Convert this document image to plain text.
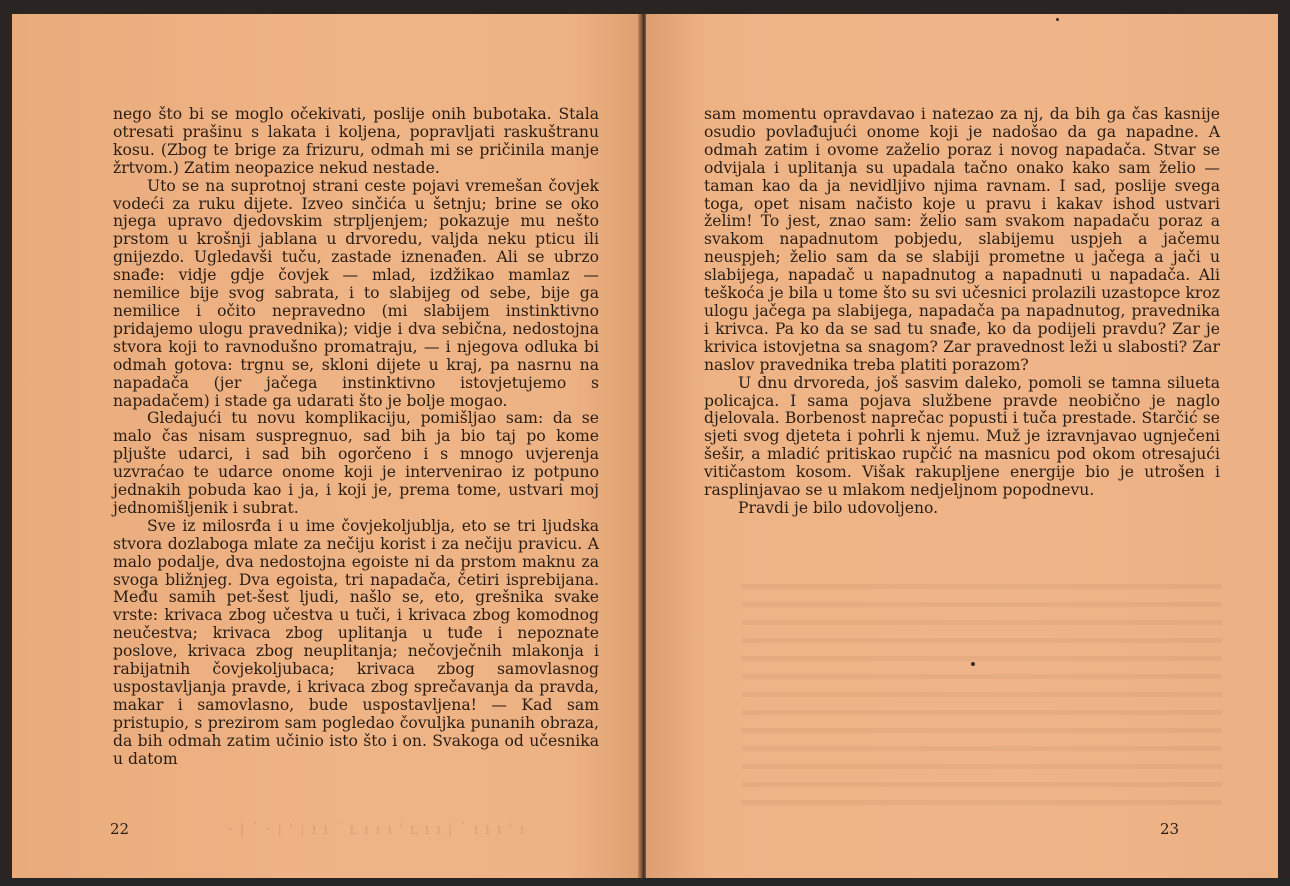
nego što bi se moglo očekivati, poslije onih bubotaka. Stala otresati prašinu s lakata i koljena, popravljati raskuštranu kosu. (Zbog te brige za frizuru, odmah mi se pričinila manje žrtvom.) Zatim neopazice nekud nestade.

Uto se na suprotnoj strani ceste pojavi vremešan čovjek vodeći za ruku dijete. Izveo sinčića u šetnju; brine se oko njega upravo djedovskim strpljenjem; pokazuje mu nešto prstom u krošnji jablana u drvoredu, valjda neku pticu ili gnijezdo. Ugledavši tuču, zastade iznenađen. Ali se ubrzo snađe: vidje gdje čovjek — mlad, izdžikao mamlaz — nemilice bije svog sabrata, i to slabijeg od sebe, bije ga nemilice i očito nepravedno (mi slabijem instinktivno pridajemo ulogu pravednika); vidje i dva sebična, nedostojna stvora koji to ravnodušno promatraju, — i njegova odluka bi odmah gotova: trgnu se, skloni dijete u kraj, pa nasrnu na napadača (jer jačega instinktivno istovjetujemo s napadačem) i stade ga udarati što je bolje mogao.

Gledajući tu novu komplikaciju, pomišljao sam: da se malo čas nisam suspregnuo, sad bih ja bio taj po kome pljušte udarci, i sad bih ogorčeno i s mnogo uvjerenja uzvraćao te udarce onome koji je intervenirao iz potpuno jednakih pobuda kao i ja, i koji je, prema tome, ustvari moj jednomišljenik i subrat.

Sve iz milosrđa i u ime čovjekoljublja, eto se tri ljudska stvora dozlaboga mlate za nečiju korist i za nečiju pravicu. A malo podalje, dva nedostojna egoiste ni da prstom maknu za svoga bližnjeg. Dva egoista, tri napadača, četiri isprebijana. Među samih pet-šest ljudi, našlo se, eto, grešnika svake vrste: krivaca zbog učestva u tuči, i krivaca zbog komodnog neučestva; krivaca zbog uplitanja u tuđe i nepoznate poslove, krivaca zbog neuplitanja; nečovječnih mlakonja i rabijatnih čovjekoljubaca; krivaca zbog samovlasnog uspostavljanja pravde, i krivaca zbog sprečavanja da pravda, makar i samovlasno, bude uspostavljena! — Kad sam pristupio, s prezirom sam pogledao čovuljka punanih obraza, da bih odmah zatim učinio isto što i on. Svakoga od učesnika u datom

· | ˙ · ¦ ' ¦ ı ı ˙ ʟ ı ı ı ' ʟ ı ı ¦ ˙ ı ı ı ' ı
22

sam momentu opravdavao i natezao za nj, da bih ga čas kasnije osudio povlađujući onome koji je nadošao da ga napadne. A odmah zatim i ovome zaželio poraz i novog napadača. Stvar se odvijala i uplitanja su upadala tačno onako kako sam želio — taman kao da ja nevidljivo njima ravnam. I sad, poslije svega toga, opet nisam načisto koje u pravu i kakav ishod ustvari želim! To jest, znao sam: želio sam svakom napadaču poraz a svakom napadnutom pobjedu, slabijemu uspjeh a jačemu neuspjeh; želio sam da se slabiji prometne u jačega a jači u slabijega, napadač u napadnutog a napadnuti u napadača. Ali teškoća je bila u tome što su svi učesnici prolazili uzastopce kroz ulogu jačega pa slabijega, napadača pa napadnutog, pravednika i krivca. Pa ko da se sad tu snađe, ko da podijeli pravdu? Zar je krivica istovjetna sa snagom? Zar pravednost leži u slabosti? Zar naslov pravednika treba platiti porazom?

U dnu drvoreda, još sasvim daleko, pomoli se tamna silueta policajca. I sama pojava službene pravde neobično je naglo djelovala. Borbenost naprečac popusti i tuča prestade. Starčić se sjeti svog djeteta i pohrli k njemu. Muž je izravnjavao ugnječeni šešir, a mladić pritiskao rupčić na masnicu pod okom otresajući vitičastom kosom. Višak rakupljene energije bio je utrošen i rasplinjavao se u mlakom nedjeljnom popodnevu.

Pravdi je bilo udovoljeno.

23
